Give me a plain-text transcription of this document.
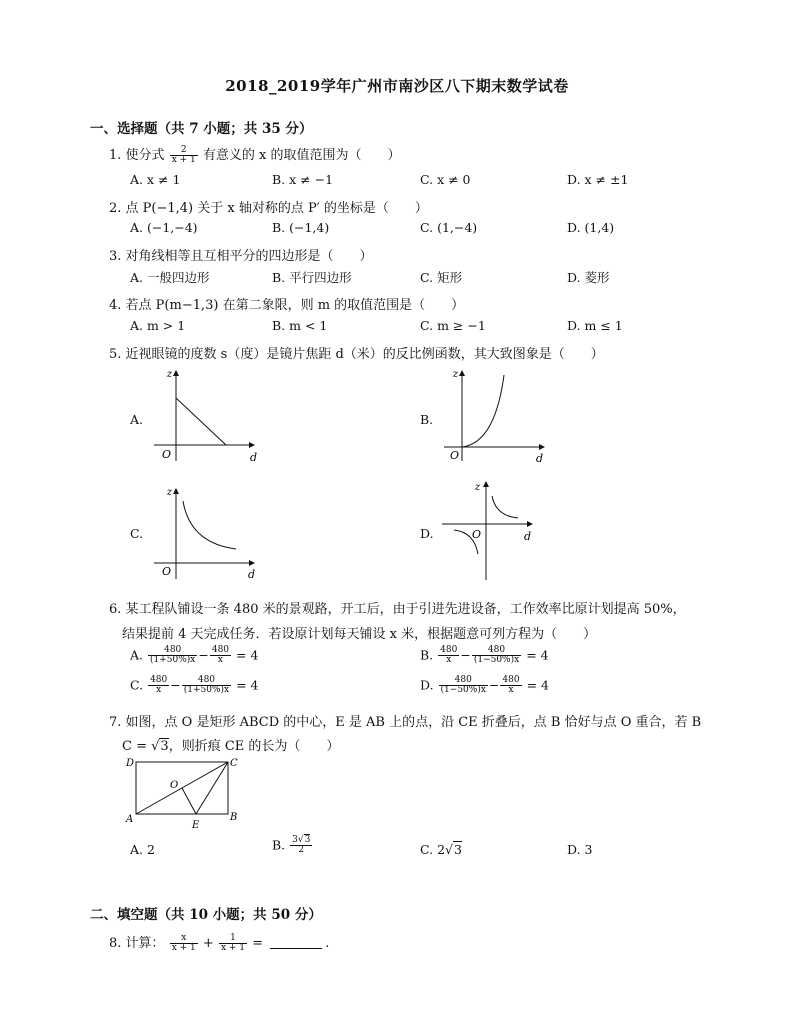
2018_2019学年广州市南沙区八下期末数学试卷
一、选择题（共 7 小题；共 35 分）
1. 使分式 $\frac{2}{x + 1}$ 有意义的 x 的取值范围为（　　）
A. x ≠ 1	B. x ≠ −1	C. x ≠ 0	D. x ≠ ±1
2. 点 P(−1,4) 关于 x 轴对称的点 P′ 的坐标是（　　）
A. (−1,−4)	B. (−1,4)	C. (1,−4)	D. (1,4)
3. 对角线相等且互相平分的四边形是（　　）
A. 一般四边形	B. 平行四边形	C. 矩形	D. 菱形
4. 若点 P(m−1,3) 在第二象限，则 m 的取值范围是（　　）
A. m > 1	B. m < 1	C. m ≥ −1	D. m ≤ 1
5. 近视眼镜的度数 s（度）是镜片焦距 d（米）的反比例函数，其大致图象是（　　）
A.	B.
C.	D.
z
d
O
z
d
O
z
d
O
z
d
O
6. 某工程队铺设一条 480 米的景观路，开工后，由于引进先进设备，工作效率比原计划提高 50%，
结果提前 4 天完成任务．若设原计划每天铺设 x 米，根据题意可列方程为（　　）
A. $\frac{480}{(1+50\%)x} - \frac{480}{x} = 4$	B. $\frac{480}{x} - \frac{480}{(1-50\%)x} = 4$
C. $\frac{480}{x} - \frac{480}{(1+50\%)x} = 4$	D. $\frac{480}{(1-50\%)x} - \frac{480}{x} = 4$
7. 如图，点 O 是矩形 ABCD 的中心，E 是 AB 上的点，沿 CE 折叠后，点 B 恰好与点 O 重合，若 B
C = √3，则折痕 CE 的长为（　　）
D	C
A	B
O
E
A. 2	B. $\frac{3√3}{2}$	C. 2√3	D. 3
二、填空题（共 10 小题；共 50 分）
8. 计算： $\frac{x}{x + 1} + \frac{1}{x + 1}$ =	.
